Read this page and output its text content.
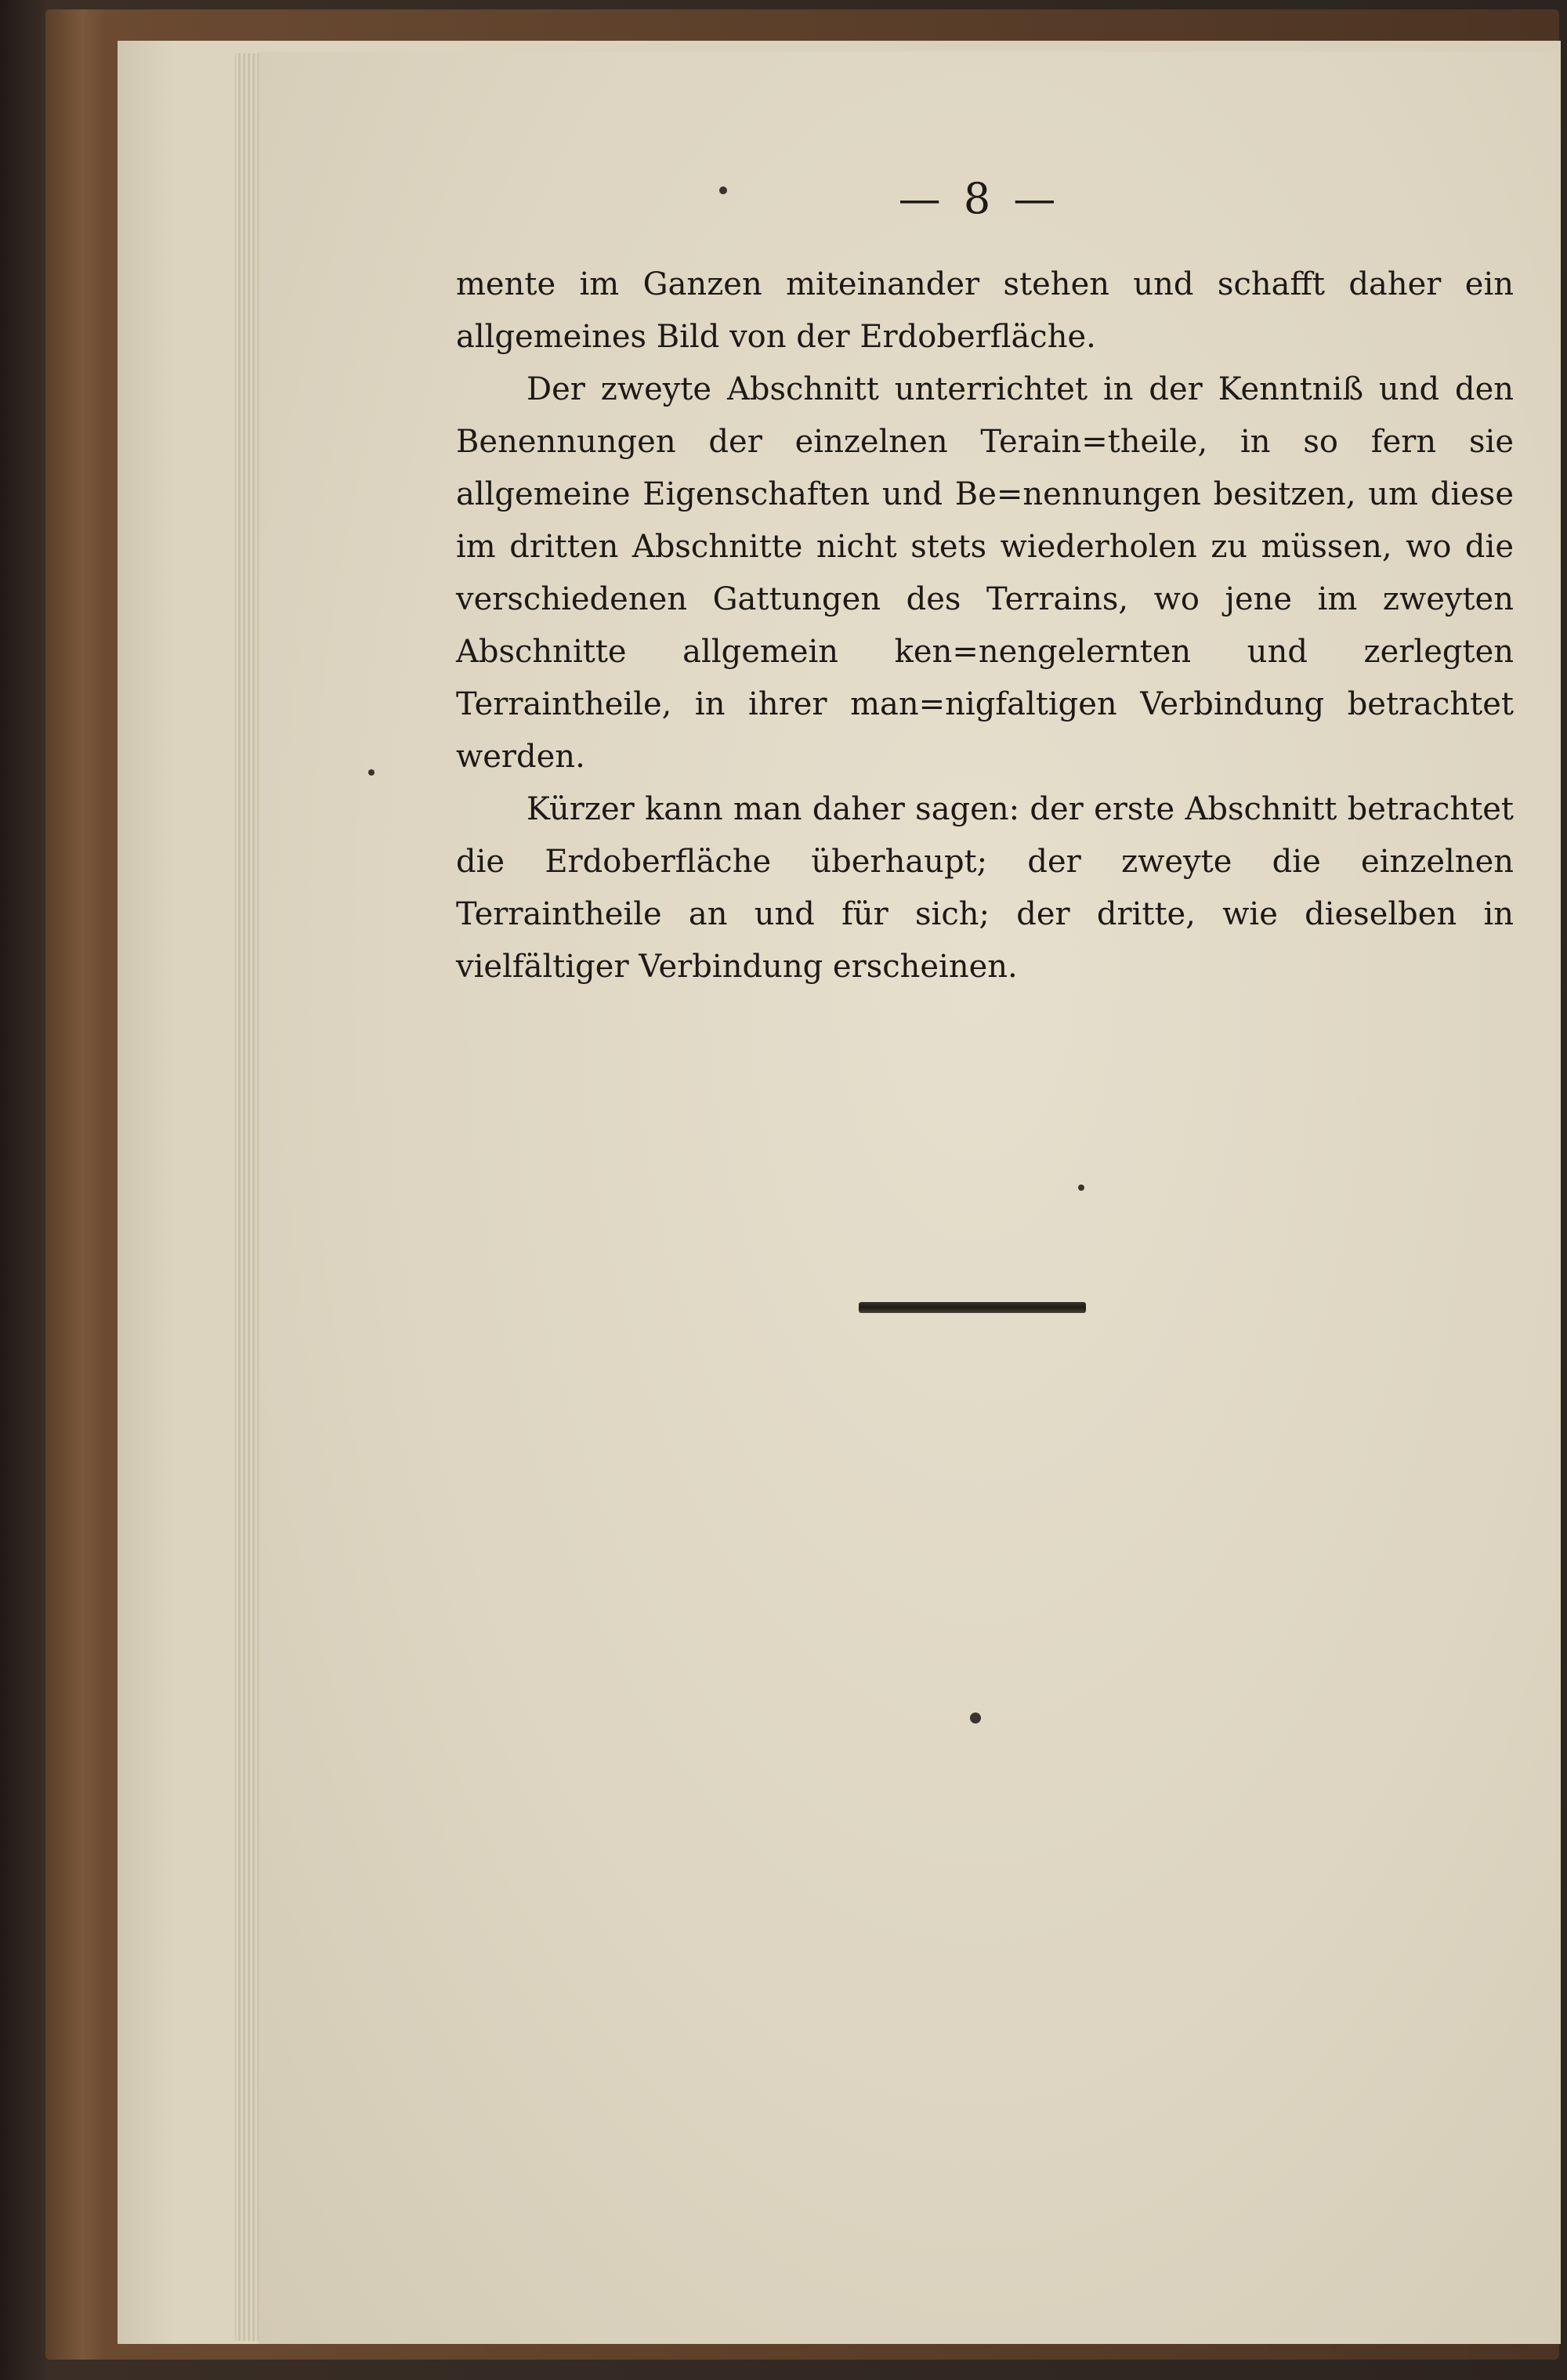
— 8 —

mente im Ganzen miteinander stehen und schafft daher ein allgemeines Bild von der Erdoberfläche.

Der zweyte Abschnitt unterrichtet in der Kenntniß und den Benennungen der einzelnen Terain=theile, in so fern sie allgemeine Eigenschaften und Be=nennungen besitzen, um diese im dritten Abschnitte nicht stets wiederholen zu müssen, wo die verschiedenen Gattungen des Terrains, wo jene im zweyten Abschnitte allgemein ken=nengelernten und zerlegten Terraintheile, in ihrer man=nigfaltigen Verbindung betrachtet werden.

Kürzer kann man daher sagen: der erste Abschnitt betrachtet die Erdoberfläche überhaupt; der zweyte die einzelnen Terraintheile an und für sich; der dritte, wie dieselben in vielfältiger Verbindung erscheinen.
